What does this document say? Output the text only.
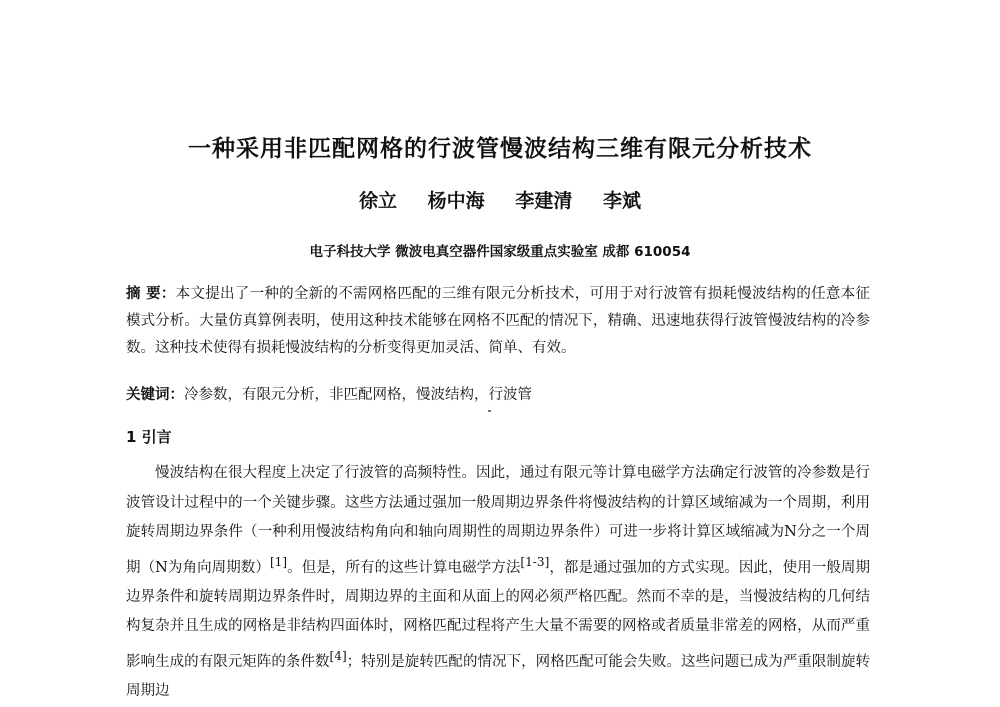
一种采用非匹配网格的行波管慢波结构三维有限元分析技术
徐立 杨中海 李建清 李斌
电子科技大学 微波电真空器件国家级重点实验室 成都 610054
摘 要：本文提出了一种的全新的不需网格匹配的三维有限元分析技术，可用于对行波管有损耗慢波结构的任意本征模式分析。大量仿真算例表明，使用这种技术能够在网格不匹配的情况下，精确、迅速地获得行波管慢波结构的冷参数。这种技术使得有损耗慢波结构的分析变得更加灵活、简单、有效。
关键词：冷参数，有限元分析，非匹配网格，慢波结构，行波管
1 引言
慢波结构在很大程度上决定了行波管的高频特性。因此，通过有限元等计算电磁学方法确定行波管的冷参数是行波管设计过程中的一个关键步骤。这些方法通过强加一般周期边界条件将慢波结构的计算区域缩减为一个周期，利用旋转周期边界条件（一种利用慢波结构角向和轴向周期性的周期边界条件）可进一步将计算区域缩减为N分之一个周期（N为角向周期数）[1]。但是，所有的这些计算电磁学方法[1-3]，都是通过强加的方式实现。因此，使用一般周期边界条件和旋转周期边界条件时，周期边界的主面和从面上的网必须严格匹配。然而不幸的是，当慢波结构的几何结构复杂并且生成的网格是非结构四面体时，网格匹配过程将产生大量不需要的网格或者质量非常差的网格，从而严重影响生成的有限元矩阵的条件数[4]；特别是旋转匹配的情况下，网格匹配可能会失败。这些问题已成为严重限制旋转周期边
